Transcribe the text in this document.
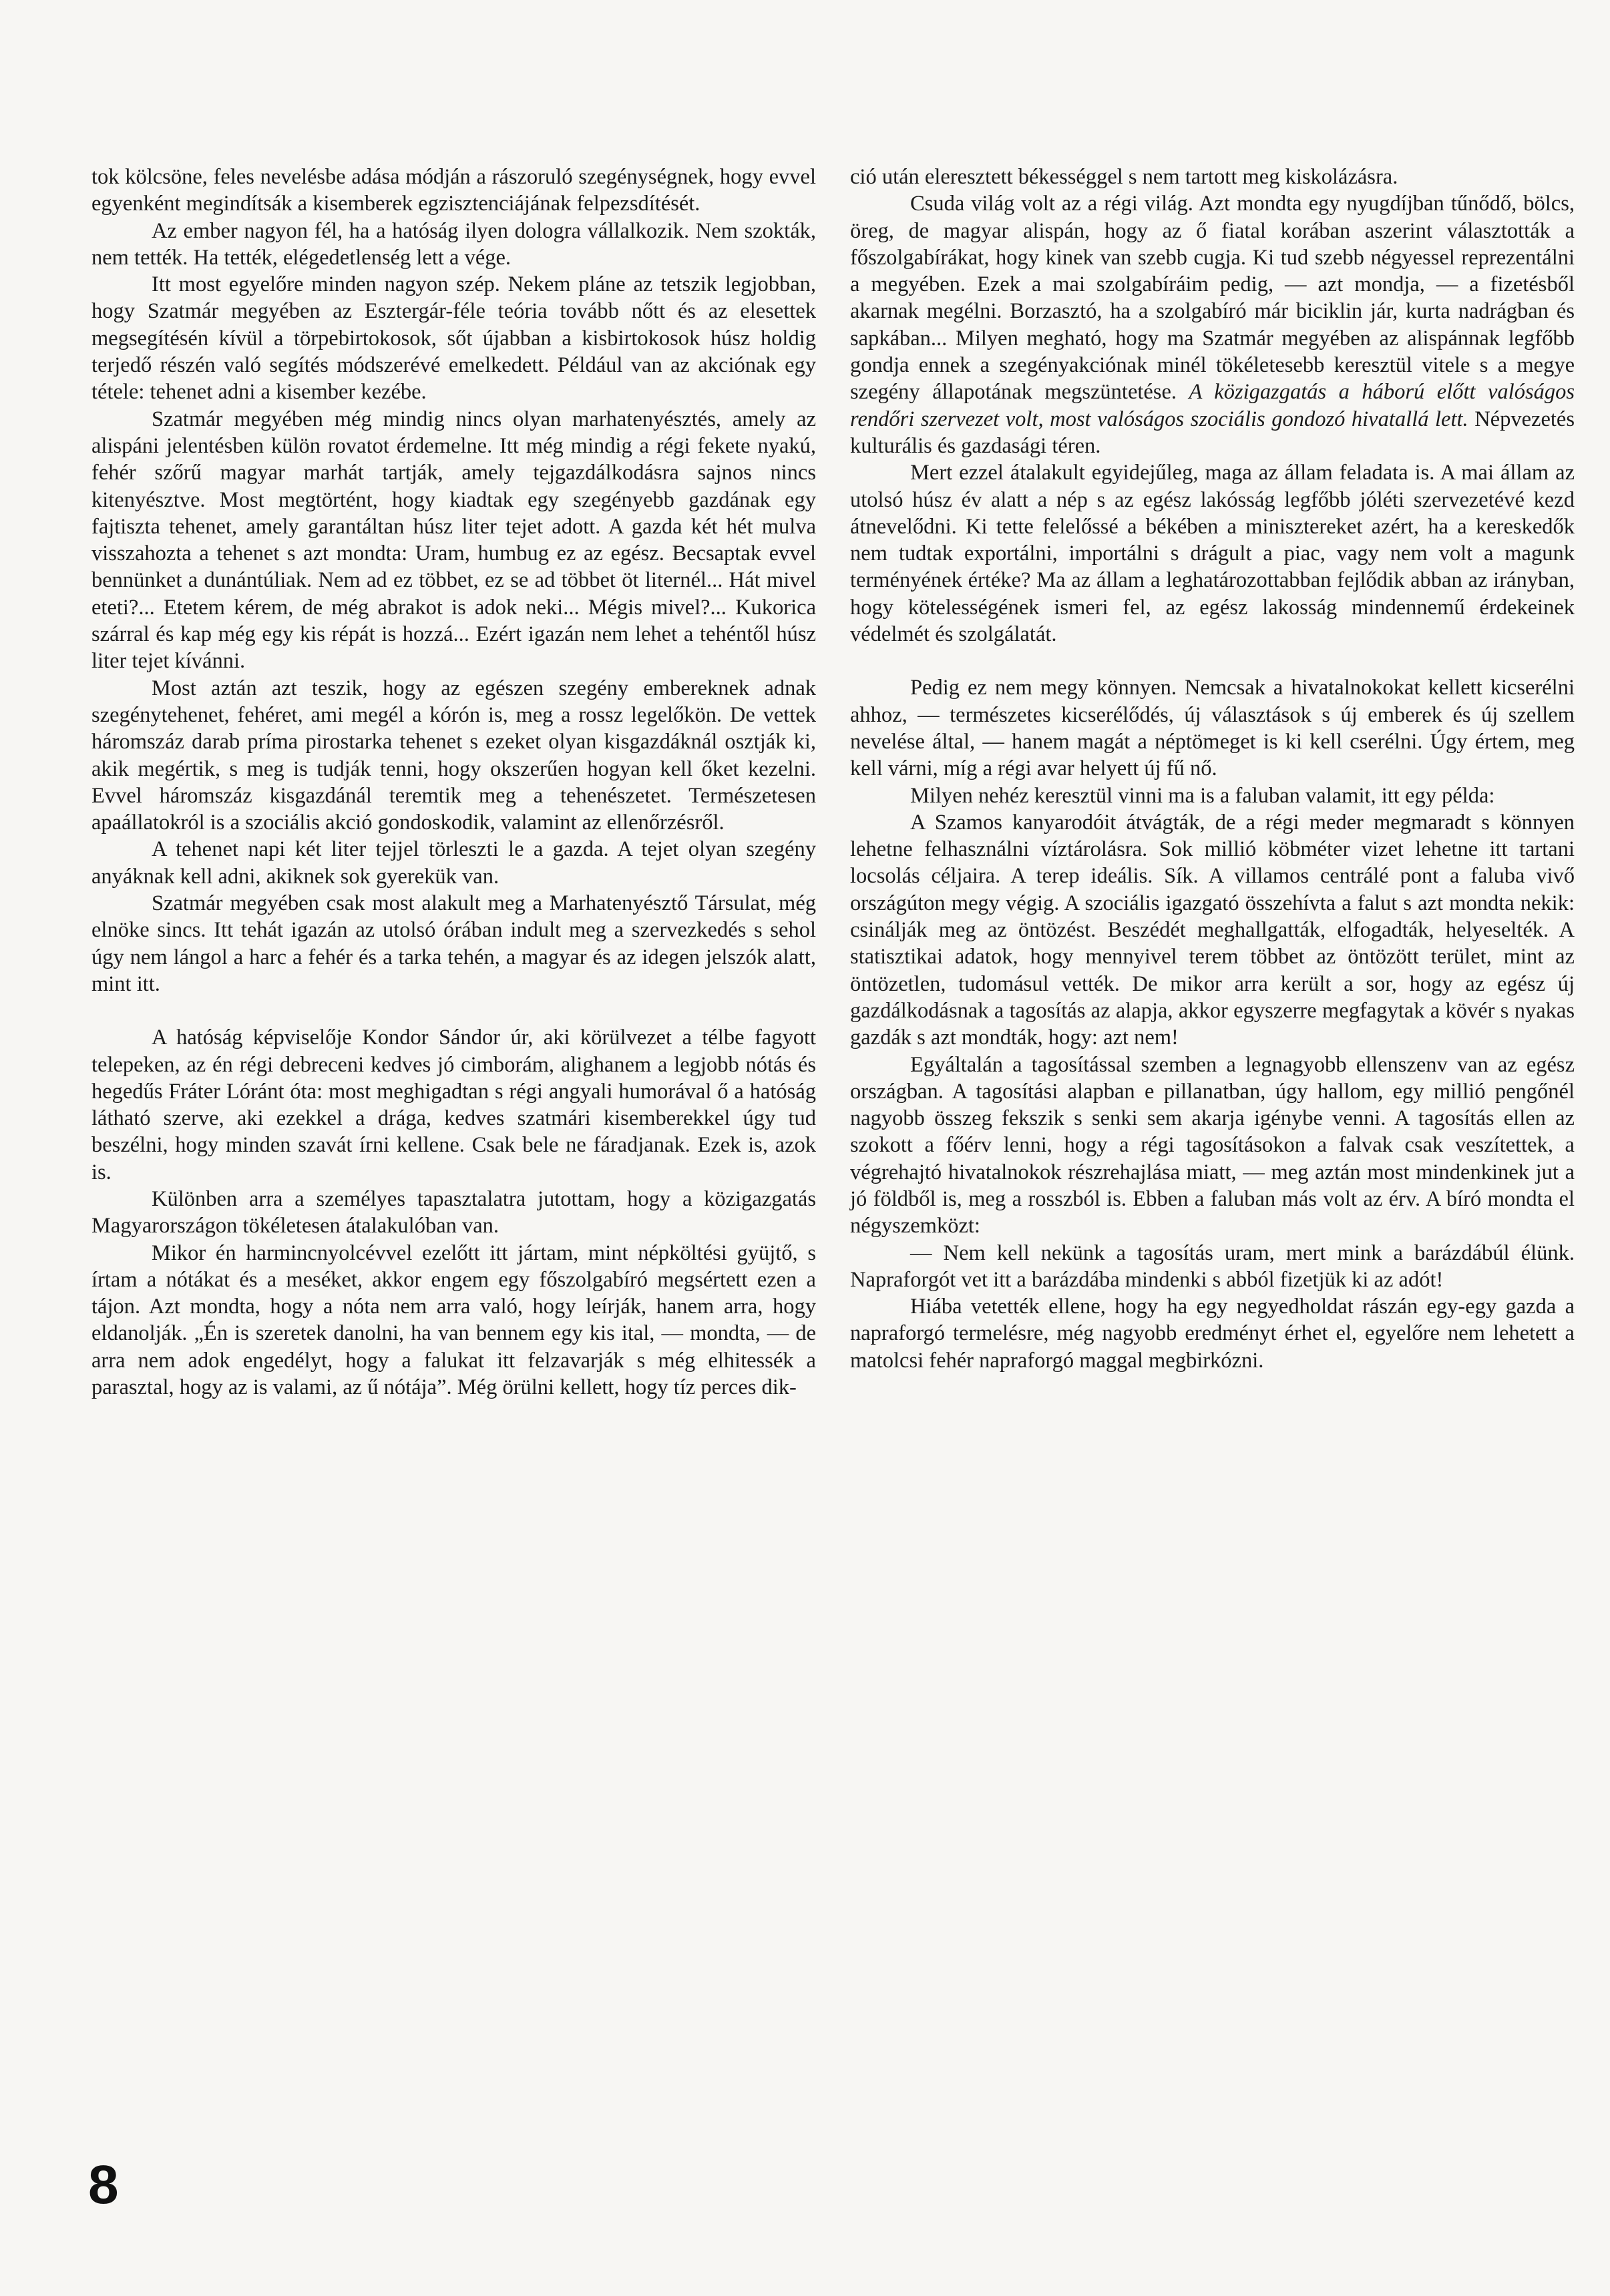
tok kölcsöne, feles nevelésbe adása módján a rászoruló szegénységnek, hogy evvel egyenként megindítsák a kisemberek egzisztenciájának felpezsdítését.

Az ember nagyon fél, ha a hatóság ilyen dologra vállalkozik. Nem szokták, nem tették. Ha tették, elégedetlenség lett a vége.

Itt most egyelőre minden nagyon szép. Nekem pláne az tetszik legjobban, hogy Szatmár megyében az Esztergár-féle teória tovább nőtt és az elesettek megsegítésén kívül a törpebirtokosok, sőt újabban a kisbirtokosok húsz holdig terjedő részén való segítés módszerévé emelkedett. Például van az akciónak egy tétele: tehenet adni a kisember kezébe.

Szatmár megyében még mindig nincs olyan marhatenyésztés, amely az alispáni jelentésben külön rovatot érdemelne. Itt még mindig a régi fekete nyakú, fehér szőrű magyar marhát tartják, amely tejgazdálkodásra sajnos nincs kitenyésztve. Most megtörtént, hogy kiadtak egy szegényebb gazdának egy fajtiszta tehenet, amely garantáltan húsz liter tejet adott. A gazda két hét mulva visszahozta a tehenet s azt mondta: Uram, humbug ez az egész. Becsaptak evvel bennünket a dunántúliak. Nem ad ez többet, ez se ad többet öt liternél... Hát mivel eteti?... Etetem kérem, de még abrakot is adok neki... Mégis mivel?... Kukorica szárral és kap még egy kis répát is hozzá... Ezért igazán nem lehet a tehéntől húsz liter tejet kívánni.

Most aztán azt teszik, hogy az egészen szegény embereknek adnak szegénytehenet, fehéret, ami megél a kórón is, meg a rossz legelőkön. De vettek háromszáz darab príma pirostarka tehenet s ezeket olyan kisgazdáknál osztják ki, akik megértik, s meg is tudják tenni, hogy okszerűen hogyan kell őket kezelni. Evvel háromszáz kisgazdánál teremtik meg a tehenészetet. Természetesen apaállatokról is a szociális akció gondoskodik, valamint az ellenőrzésről.

A tehenet napi két liter tejjel törleszti le a gazda. A tejet olyan szegény anyáknak kell adni, akiknek sok gyerekük van.

Szatmár megyében csak most alakult meg a Marhatenyésztő Társulat, még elnöke sincs. Itt tehát igazán az utolsó órában indult meg a szervezkedés s sehol úgy nem lángol a harc a fehér és a tarka tehén, a magyar és az idegen jelszók alatt, mint itt.

A hatóság képviselője Kondor Sándor úr, aki körülvezet a télbe fagyott telepeken, az én régi debreceni kedves jó cimborám, alighanem a legjobb nótás és hegedűs Fráter Lóránt óta: most meghigadtan s régi angyali humorával ő a hatóság látható szerve, aki ezekkel a drága, kedves szatmári kisemberekkel úgy tud beszélni, hogy minden szavát írni kellene. Csak bele ne fáradjanak. Ezek is, azok is.

Különben arra a személyes tapasztalatra jutottam, hogy a közigazgatás Magyarországon tökéletesen átalakulóban van.

Mikor én harmincnyolcévvel ezelőtt itt jártam, mint népköltési gyüjtő, s írtam a nótákat és a meséket, akkor engem egy főszolgabíró megsértett ezen a tájon. Azt mondta, hogy a nóta nem arra való, hogy leírják, hanem arra, hogy eldanolják. „Én is szeretek danolni, ha van bennem egy kis ital, — mondta, — de arra nem adok engedélyt, hogy a falukat itt felzavarják s még elhitessék a parasztal, hogy az is valami, az ű nótája”. Még örülni kellett, hogy tíz perces dik-

ció után eleresztett békességgel s nem tartott meg kiskolázásra.

Csuda világ volt az a régi világ. Azt mondta egy nyugdíjban tűnődő, bölcs, öreg, de magyar alispán, hogy az ő fiatal korában aszerint választották a főszolgabírákat, hogy kinek van szebb cugja. Ki tud szebb négyessel reprezentálni a megyében. Ezek a mai szolgabíráim pedig, — azt mondja, — a fizetésből akarnak megélni. Borzasztó, ha a szolgabíró már biciklin jár, kurta nadrágban és sapkában... Milyen megható, hogy ma Szatmár megyében az alispánnak legfőbb gondja ennek a szegényakciónak minél tökéletesebb keresztül vitele s a megye szegény állapotának megszüntetése. A közigazgatás a háború előtt valóságos rendőri szervezet volt, most valóságos szociális gondozó hivatallá lett. Népvezetés kulturális és gazdasági téren.

Mert ezzel átalakult egyidejűleg, maga az állam feladata is. A mai állam az utolsó húsz év alatt a nép s az egész lakósság legfőbb jóléti szervezetévé kezd átnevelődni. Ki tette felelőssé a békében a minisztereket azért, ha a kereskedők nem tudtak exportálni, importálni s drágult a piac, vagy nem volt a magunk terményének értéke? Ma az állam a leghatározottabban fejlődik abban az irányban, hogy kötelességének ismeri fel, az egész lakosság mindennemű érdekeinek védelmét és szolgálatát.

Pedig ez nem megy könnyen. Nemcsak a hivatalnokokat kellett kicserélni ahhoz, — természetes kicserélődés, új választások s új emberek és új szellem nevelése által, — hanem magát a néptömeget is ki kell cserélni. Úgy értem, meg kell várni, míg a régi avar helyett új fű nő.

Milyen nehéz keresztül vinni ma is a faluban valamit, itt egy példa:

A Szamos kanyarodóit átvágták, de a régi meder megmaradt s könnyen lehetne felhasználni víztárolásra. Sok millió köbméter vizet lehetne itt tartani locsolás céljaira. A terep ideális. Sík. A villamos centrálé pont a faluba vivő országúton megy végig. A szociális igazgató összehívta a falut s azt mondta nekik: csinálják meg az öntözést. Beszédét meghallgatták, elfogadták, helyeselték. A statisztikai adatok, hogy mennyivel terem többet az öntözött terület, mint az öntözetlen, tudomásul vették. De mikor arra került a sor, hogy az egész új gazdálkodásnak a tagosítás az alapja, akkor egyszerre megfagytak a kövér s nyakas gazdák s azt mondták, hogy: azt nem!

Egyáltalán a tagosítással szemben a legnagyobb ellenszenv van az egész országban. A tagosítási alapban e pillanatban, úgy hallom, egy millió pengőnél nagyobb összeg fekszik s senki sem akarja igénybe venni. A tagosítás ellen az szokott a főérv lenni, hogy a régi tagosításokon a falvak csak veszítettek, a végrehajtó hivatalnokok részrehajlása miatt, — meg aztán most mindenkinek jut a jó földből is, meg a rosszból is. Ebben a faluban más volt az érv. A bíró mondta el négyszemközt:

— Nem kell nekünk a tagosítás uram, mert mink a barázdábúl élünk. Napraforgót vet itt a barázdába mindenki s abból fizetjük ki az adót!

Hiába vetették ellene, hogy ha egy negyedholdat rászán egy-egy gazda a napraforgó termelésre, még nagyobb eredményt érhet el, egyelőre nem lehetett a matolcsi fehér napraforgó maggal megbirkózni.

8
